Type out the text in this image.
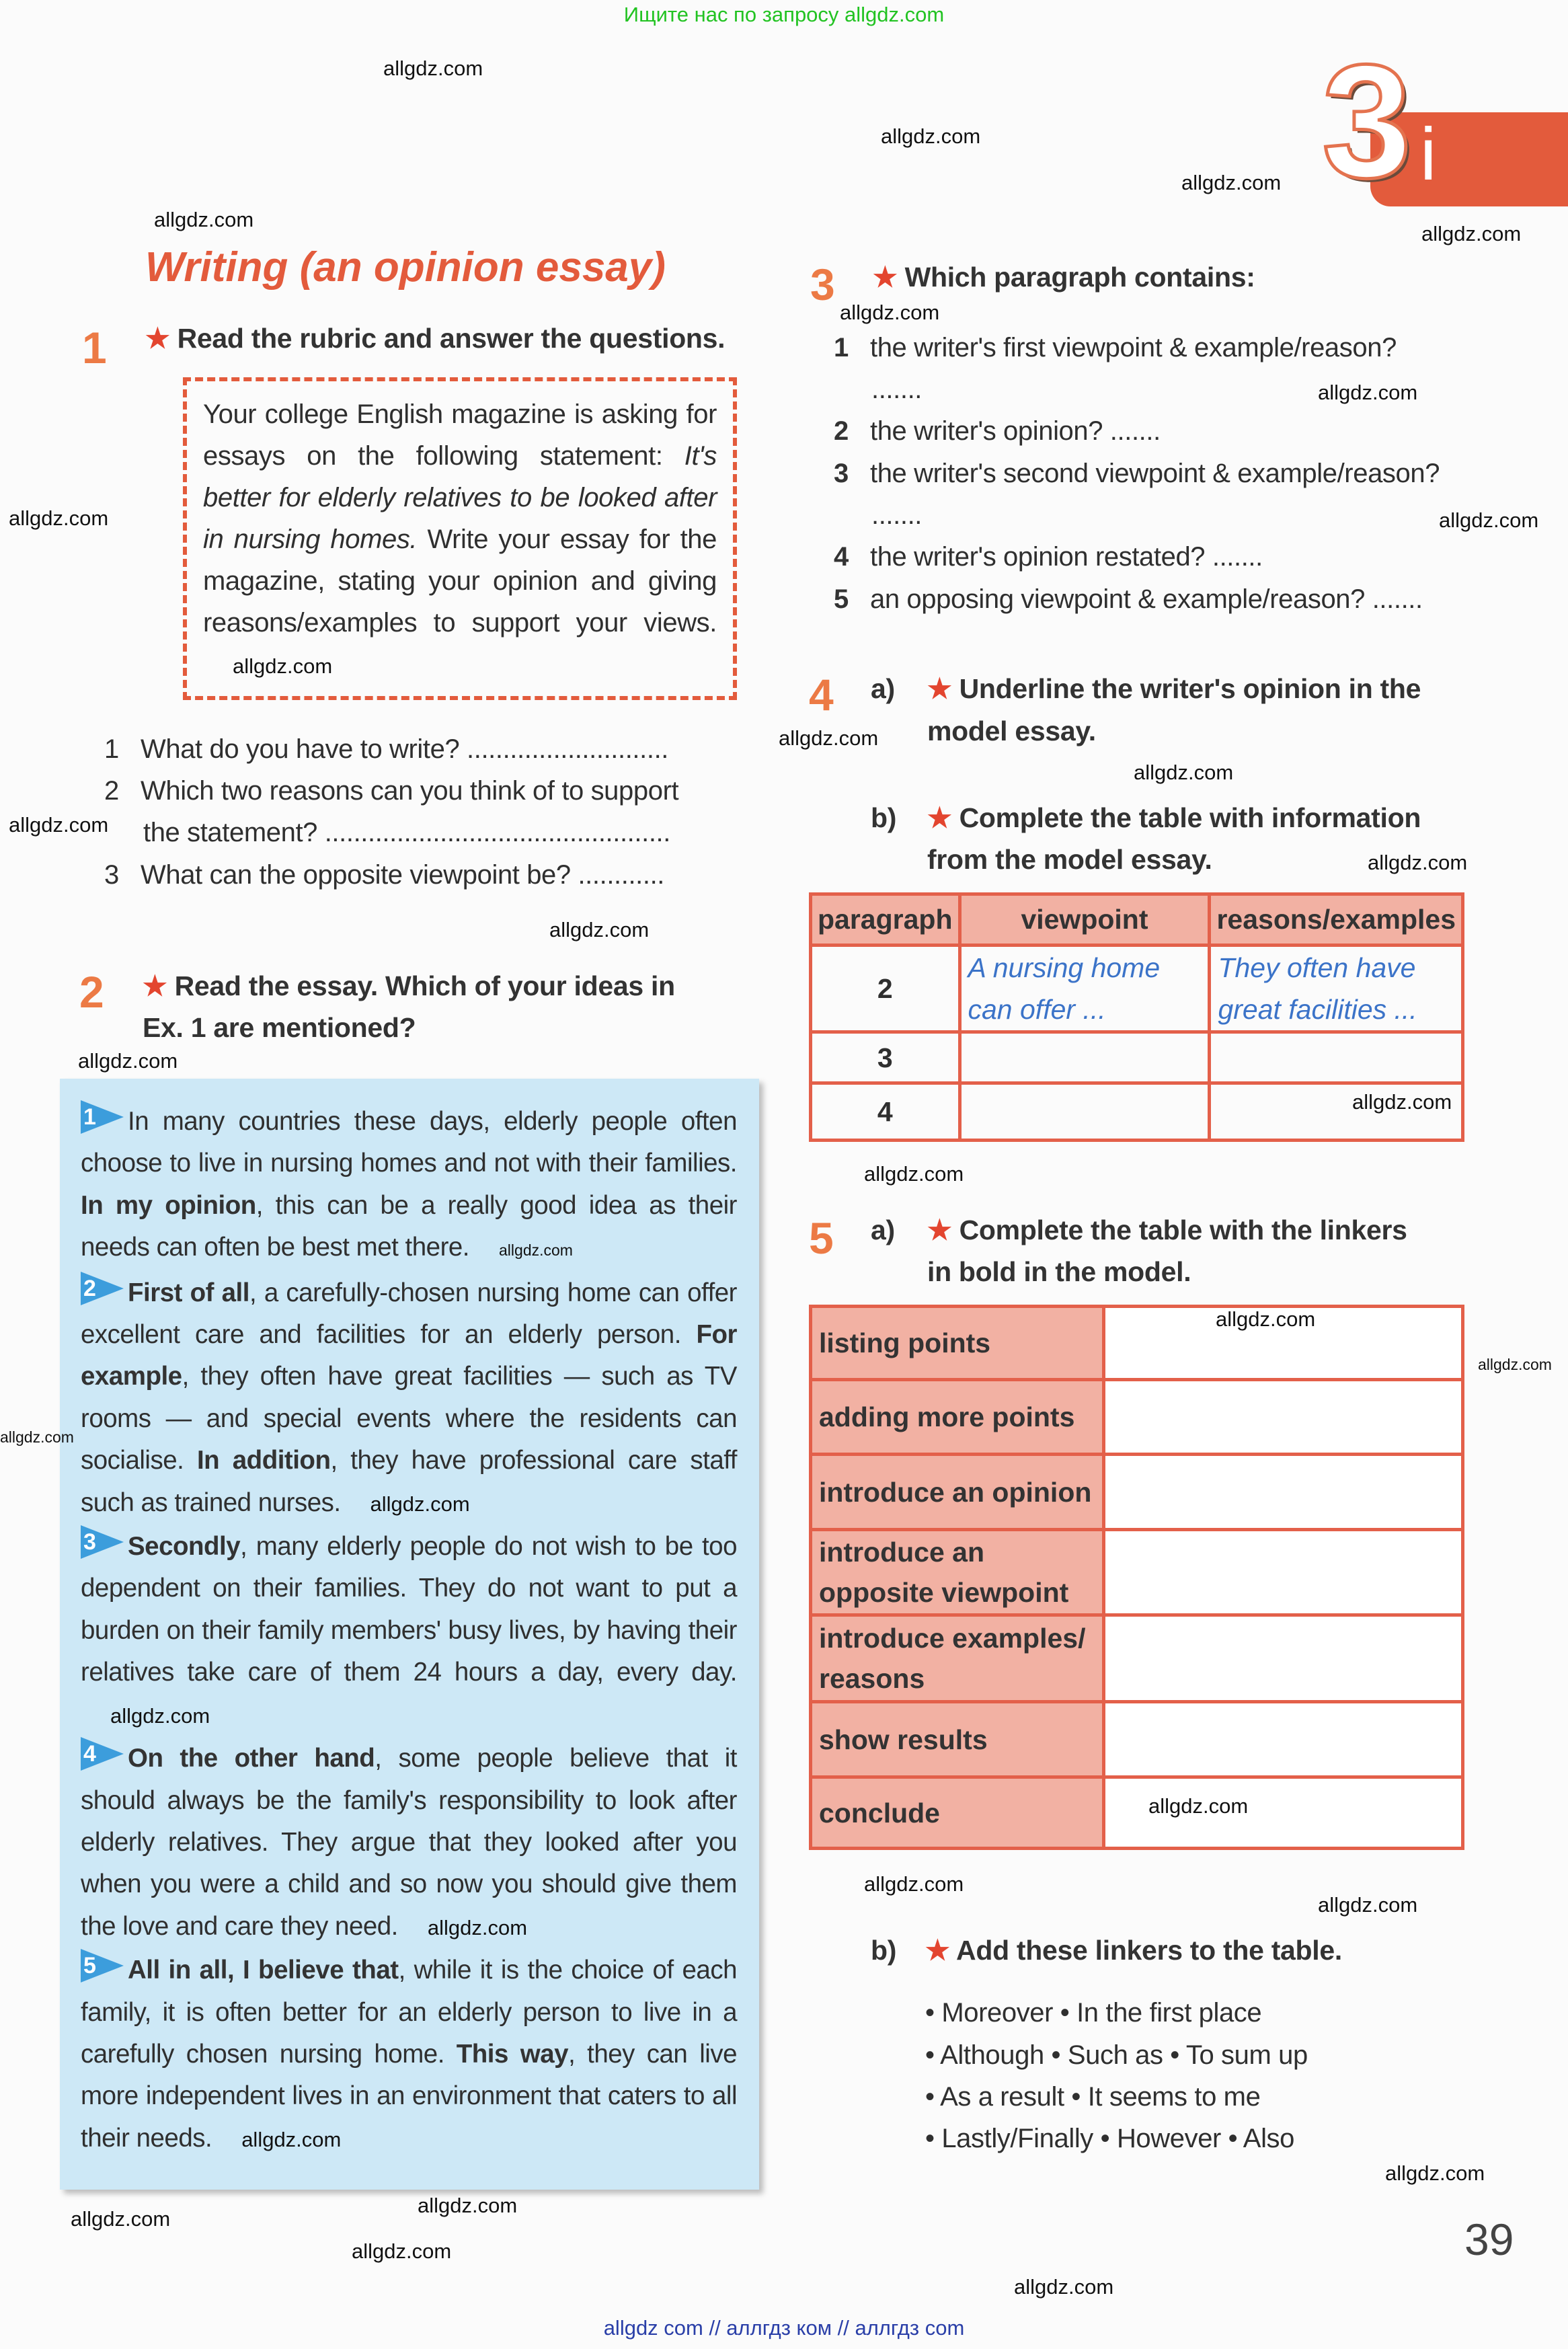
Ищите нас по запросу allgdz.com
3 i
Writing (an opinion essay)
1 ★ Read the rubric and answer the questions.
Your college English magazine is asking for essays on the following statement: It's better for elderly relatives to be looked after in nursing homes. Write your essay for the magazine, stating your opinion and giving reasons/examples to support your views.allgdz.com
1 What do you have to write? ............................
2 Which two reasons can you think of to support
the statement? ................................................
3 What can the opposite viewpoint be? ............
2 ★ Read the essay. Which of your ideas in
Ex. 1 are mentioned?
1 In many countries these days, elderly people often choose to live in nursing homes and not with their families. In my opinion, this can be a really good idea as their needs can often be best met there. allgdz.com
2 First of all, a carefully-chosen nursing home can offer excellent care and facilities for an elderly person. For example, they often have great facilities — such as TV rooms — and special events where the residents can socialise. In addition, they have professional care staff such as trained nurses. allgdz.com
3 Secondly, many elderly people do not wish to be too dependent on their families. They do not want to put a burden on their family members' busy lives, by having their relatives take care of them 24 hours a day, every day.allgdz.com
4 On the other hand, some people believe that it should always be the family's responsibility to look after elderly relatives. They argue that they looked after you when you were a child and so now you should give them the love and care they need. allgdz.com
5 All in all, I believe that, while it is the choice of each family, it is often better for an elderly person to live in a carefully chosen nursing home. This way, they can live more independent lives in an environment that caters to all their needs. allgdz.com
3 ★ Which paragraph contains:
1 the writer's first viewpoint & example/reason?
.......
2 the writer's opinion? .......
3 the writer's second viewpoint & example/reason?
.......
4 the writer's opinion restated? .......
5 an opposing viewpoint & example/reason? .......
4 a) ★ Underline the writer's opinion in the
model essay.
b) ★ Complete the table with information
from the model essay.
paragraph	viewpoint	reasons/examples
2	A nursing home can offer ...	They often have great facilities ...
3		
4		
5 a) ★ Complete the table with the linkers
in bold in the model.
listing points	
adding more points	
introduce an opinion	
introduce an opposite viewpoint	
introduce examples/ reasons	
show results	
conclude	
b) ★ Add these linkers to the table.
• Moreover • In the first place
• Although • Such as • To sum up
• As a result • It seems to me
• Lastly/Finally • However • Also
39
allgdz.com
allgdz.com
allgdz.com
allgdz.com
allgdz.com
allgdz.com
allgdz.com
allgdz.com	allgdz.com
allgdz.com
allgdz.com
allgdz.com
allgdz.com
allgdz.com
allgdz.com
allgdz.com
allgdz.com
allgdz.com
allgdz.com
allgdz.com
allgdz.com
allgdz.com
allgdz.com
allgdz.com
allgdz.com
allgdz.com
allgdz.com
allgdz.com
allgdz com // аллгдз ком // аллгдз com
